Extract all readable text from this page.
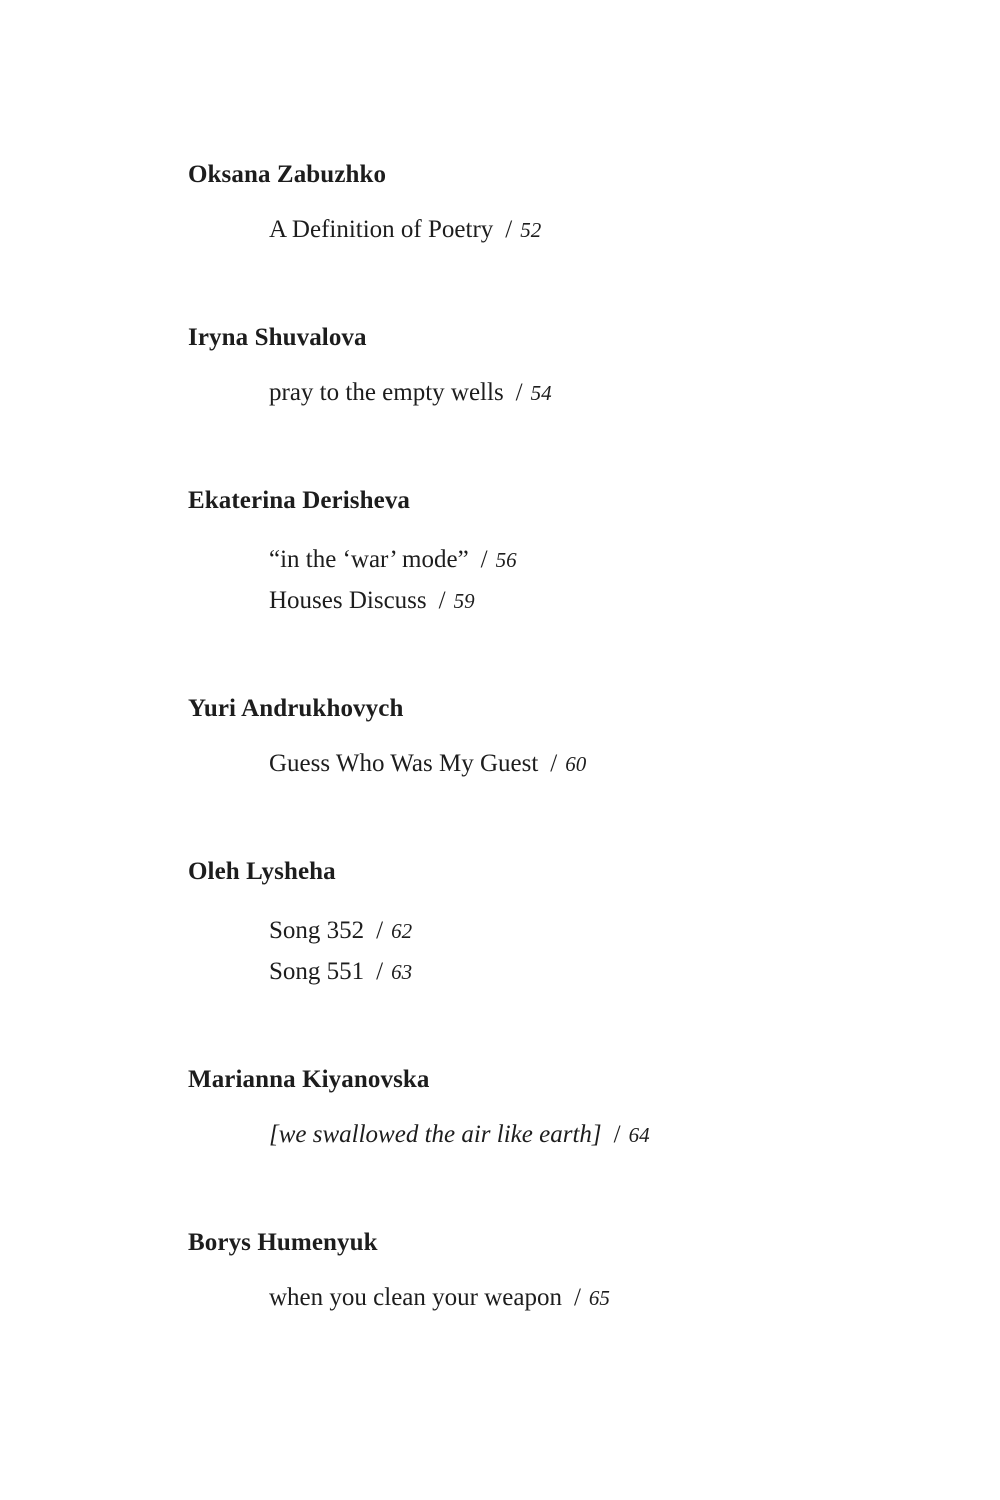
Oksana Zabuzhko
A Definition of Poetry / 52
Iryna Shuvalova
pray to the empty wells / 54
Ekaterina Derisheva
“in the ‘war’ mode” / 56
Houses Discuss / 59
Yuri Andrukhovych
Guess Who Was My Guest / 60
Oleh Lysheha
Song 352 / 62
Song 551 / 63
Marianna Kiyanovska
[we swallowed the air like earth] / 64
Borys Humenyuk
when you clean your weapon / 65
